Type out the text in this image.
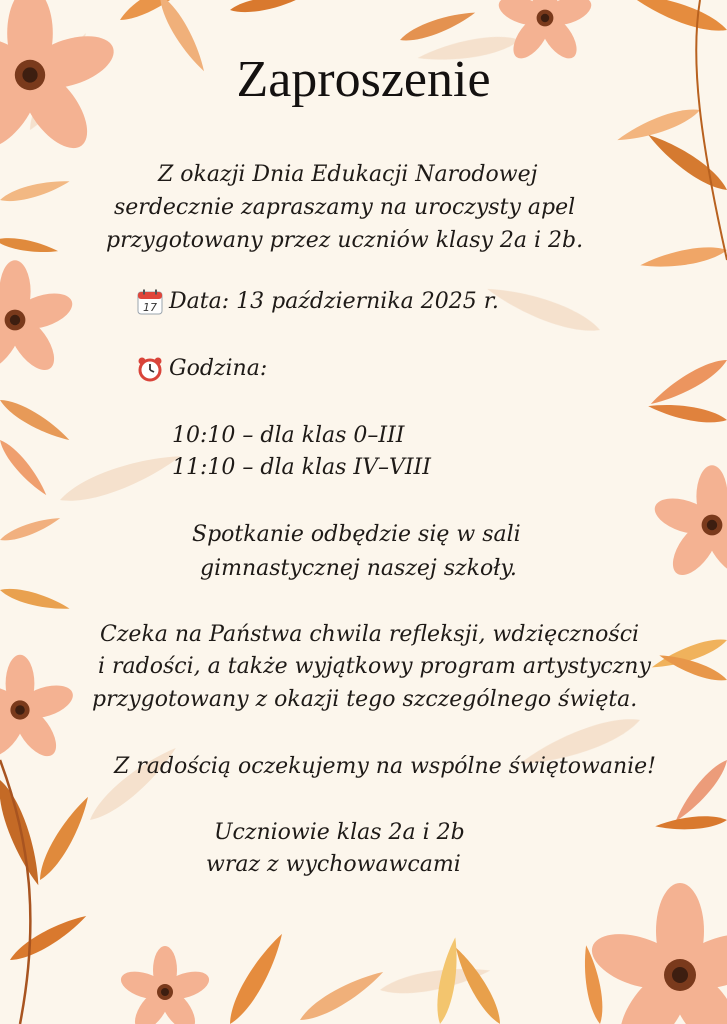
Zaproszenie
Z okazji Dnia Edukacji Narodowej
serdecznie zapraszamy na uroczysty apel
przygotowany przez uczniów klasy 2a i 2b.
17 Data: 13 października 2025 r.
Godzina:
10:10 – dla klas 0–III
11:10 – dla klas IV–VIII
Spotkanie odbędzie się w sali
gimnastycznej naszej szkoły.
Czeka na Państwa chwila refleksji, wdzięczności
i radości, a także wyjątkowy program artystyczny
przygotowany z okazji tego szczególnego święta.
Z radością oczekujemy na wspólne świętowanie!
Uczniowie klas 2a i 2b
wraz z wychowawcami
